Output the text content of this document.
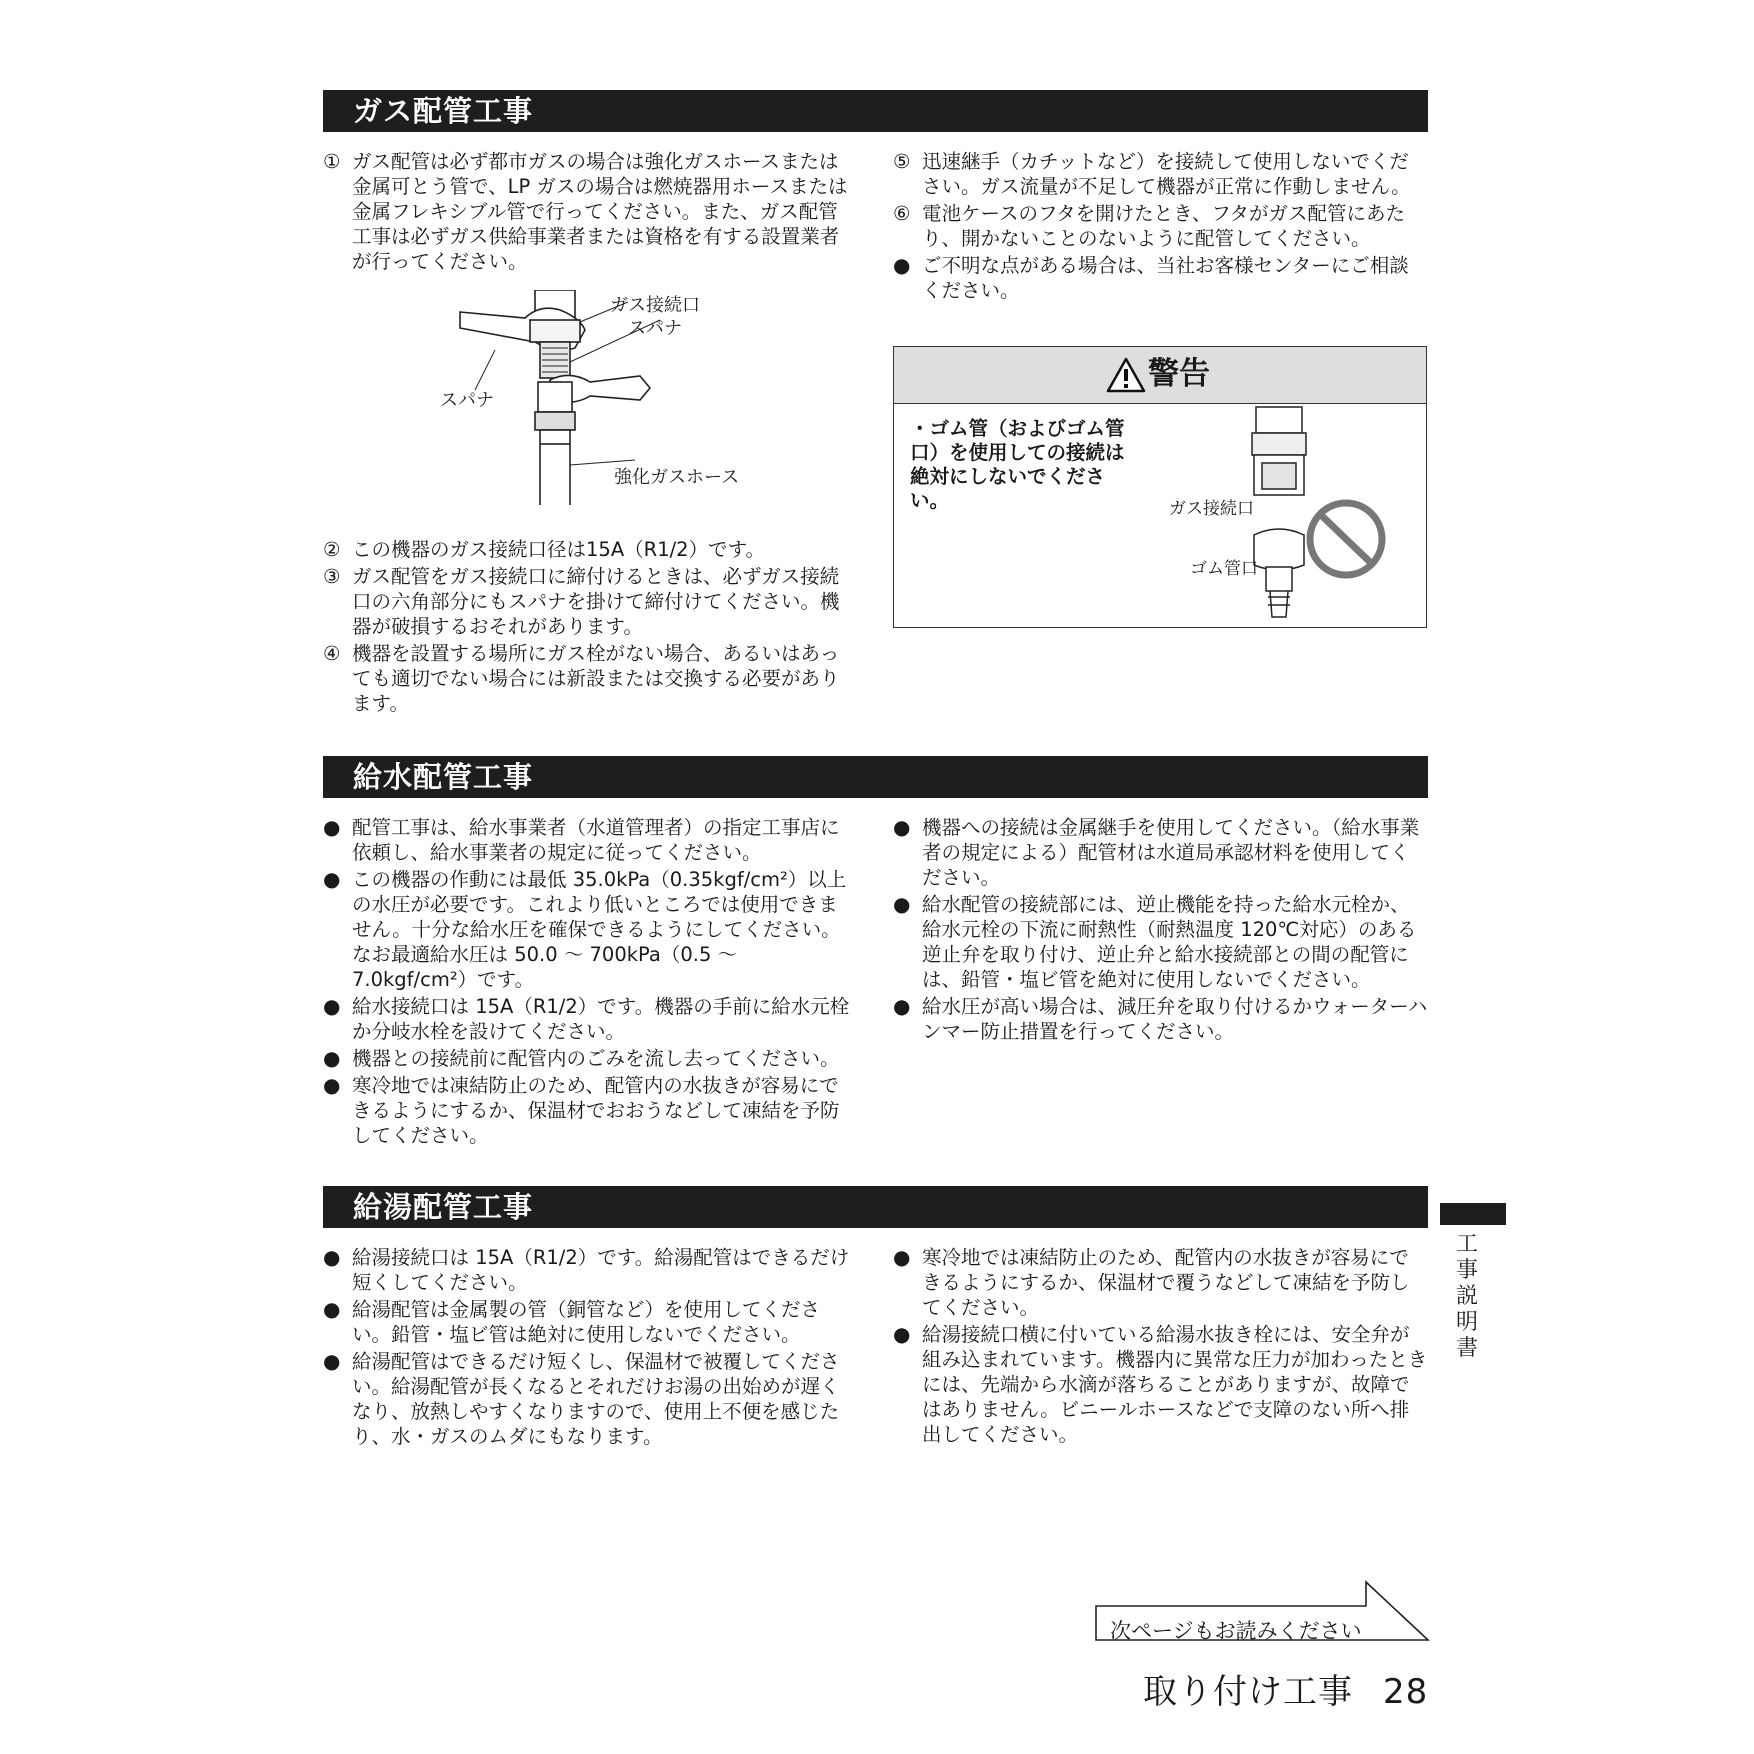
ガス配管工事

① ガス配管は必ず都市ガスの場合は強化ガスホースまたは金属可とう管で、LP ガスの場合は燃焼器用ホースまたは金属フレキシブル管で行ってください。また、ガス配管工事は必ずガス供給事業者または資格を有する設置業者が行ってください。

ガス接続口
スパナ
スパナ
強化ガスホース

② この機器のガス接続口径は15A（R1/2）です。

③ ガス配管をガス接続口に締付けるときは、必ずガス接続口の六角部分にもスパナを掛けて締付けてください。機器が破損するおそれがあります。

④ 機器を設置する場所にガス栓がない場合、あるいはあっても適切でない場合には新設または交換する必要があります。

⑤ 迅速継手（カチットなど）を接続して使用しないでください。ガス流量が不足して機器が正常に作動しません。

⑥ 電池ケースのフタを開けたとき、フタがガス配管にあたり、開かないことのないように配管してください。

● ご不明な点がある場合は、当社お客様センターにご相談ください。

警告
・ゴム管（およびゴム管口）を使用しての接続は絶対にしないでください。	ガス接続口
ゴム管口
給水配管工事

● 配管工事は、給水事業者（水道管理者）の指定工事店に依頼し、給水事業者の規定に従ってください。

● この機器の作動には最低 35.0kPa（0.35kgf/cm²）以上の水圧が必要です。これより低いところでは使用できません。十分な給水圧を確保できるようにしてください。なお最適給水圧は 50.0 ～ 700kPa（0.5 ～ 7.0kgf/cm²）です。

● 給水接続口は 15A（R1/2）です。機器の手前に給水元栓か分岐水栓を設けてください。

● 機器との接続前に配管内のごみを流し去ってください。

● 寒冷地では凍結防止のため、配管内の水抜きが容易にできるようにするか、保温材でおおうなどして凍結を予防してください。

● 機器への接続は金属継手を使用してください。（給水事業者の規定による）配管材は水道局承認材料を使用してください。

● 給水配管の接続部には、逆止機能を持った給水元栓か、給水元栓の下流に耐熱性（耐熱温度 120℃対応）のある逆止弁を取り付け、逆止弁と給水接続部との間の配管には、鉛管・塩ビ管を絶対に使用しないでください。

● 給水圧が高い場合は、減圧弁を取り付けるかウォーターハンマー防止措置を行ってください。

給湯配管工事

● 給湯接続口は 15A（R1/2）です。給湯配管はできるだけ短くしてください。

● 給湯配管は金属製の管（銅管など）を使用してください。鉛管・塩ビ管は絶対に使用しないでください。

● 給湯配管はできるだけ短くし、保温材で被覆してください。給湯配管が長くなるとそれだけお湯の出始めが遅くなり、放熱しやすくなりますので、使用上不便を感じたり、水・ガスのムダにもなります。

● 寒冷地では凍結防止のため、配管内の水抜きが容易にできるようにするか、保温材で覆うなどして凍結を予防してください。

● 給湯接続口横に付いている給湯水抜き栓には、安全弁が組み込まれています。機器内に異常な圧力が加わったときには、先端から水滴が落ちることがありますが、故障ではありません。ビニールホースなどで支障のない所へ排出してください。

工事説明書
次ページもお読みください
取り付け工事 28
